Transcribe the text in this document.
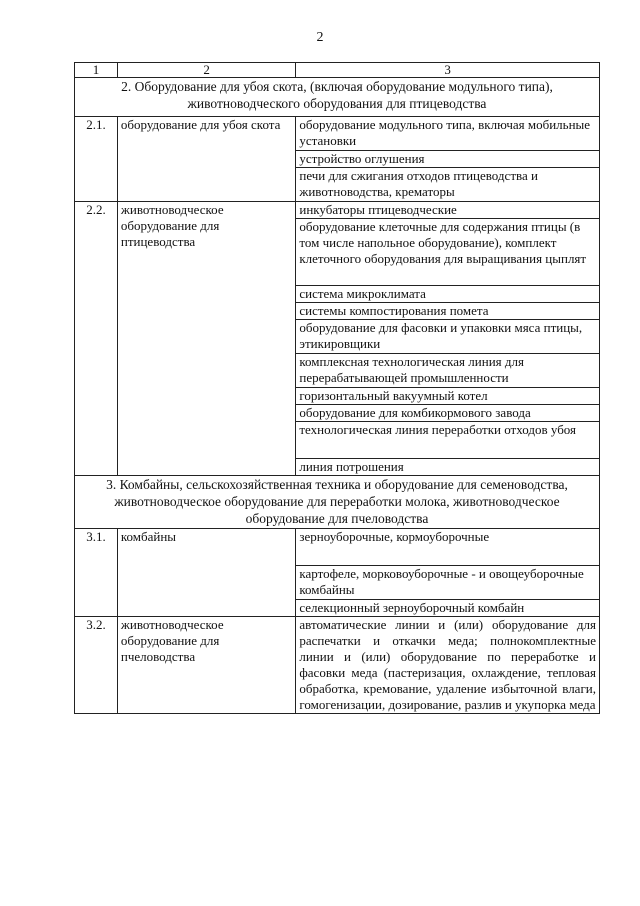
2
1	2	3
2. Оборудование для убоя скота, (включая оборудование модульного типа), животноводческого оборудования для птицеводства		
2.1.	оборудование для убоя скота	оборудование модульного типа, включая мобильные установки
		устройство оглушения
		печи для сжигания отходов птицеводства и животноводства, крематоры
2.2.	животноводческое оборудование для птицеводства	инкубаторы птицеводческие
		оборудование клеточные для содержания птицы (в том числе напольное оборудование), комплект клеточного оборудования для выращивания цыплят
		система микроклимата
		системы компостирования помета
		оборудование для фасовки и упаковки мяса птицы, этикировщики
		комплексная технологическая линия для перерабатывающей промышленности
		горизонтальный вакуумный котел
		оборудование для комбикормового завода
		технологическая линия переработки отходов убоя
		линия потрошения
3. Комбайны, сельскохозяйственная техника и оборудование для семеноводства, животноводческое оборудование для переработки молока, животноводческое оборудование для пчеловодства		
3.1.	комбайны	зерноуборочные, кормоуборочные
		картофеле, морковоуборочные - и овощеуборочные комбайны
		селекционный зерноуборочный комбайн
3.2.	животноводческое оборудование для пчеловодства	автоматические линии и (или) оборудование для распечатки и откачки меда; полнокомплектные линии и (или) оборудование по переработке и фасовки меда (пастеризация, охлаждение, тепловая обработка, кремование, удаление избыточной влаги, гомогенизации, дозирование, разлив и укупорка меда
